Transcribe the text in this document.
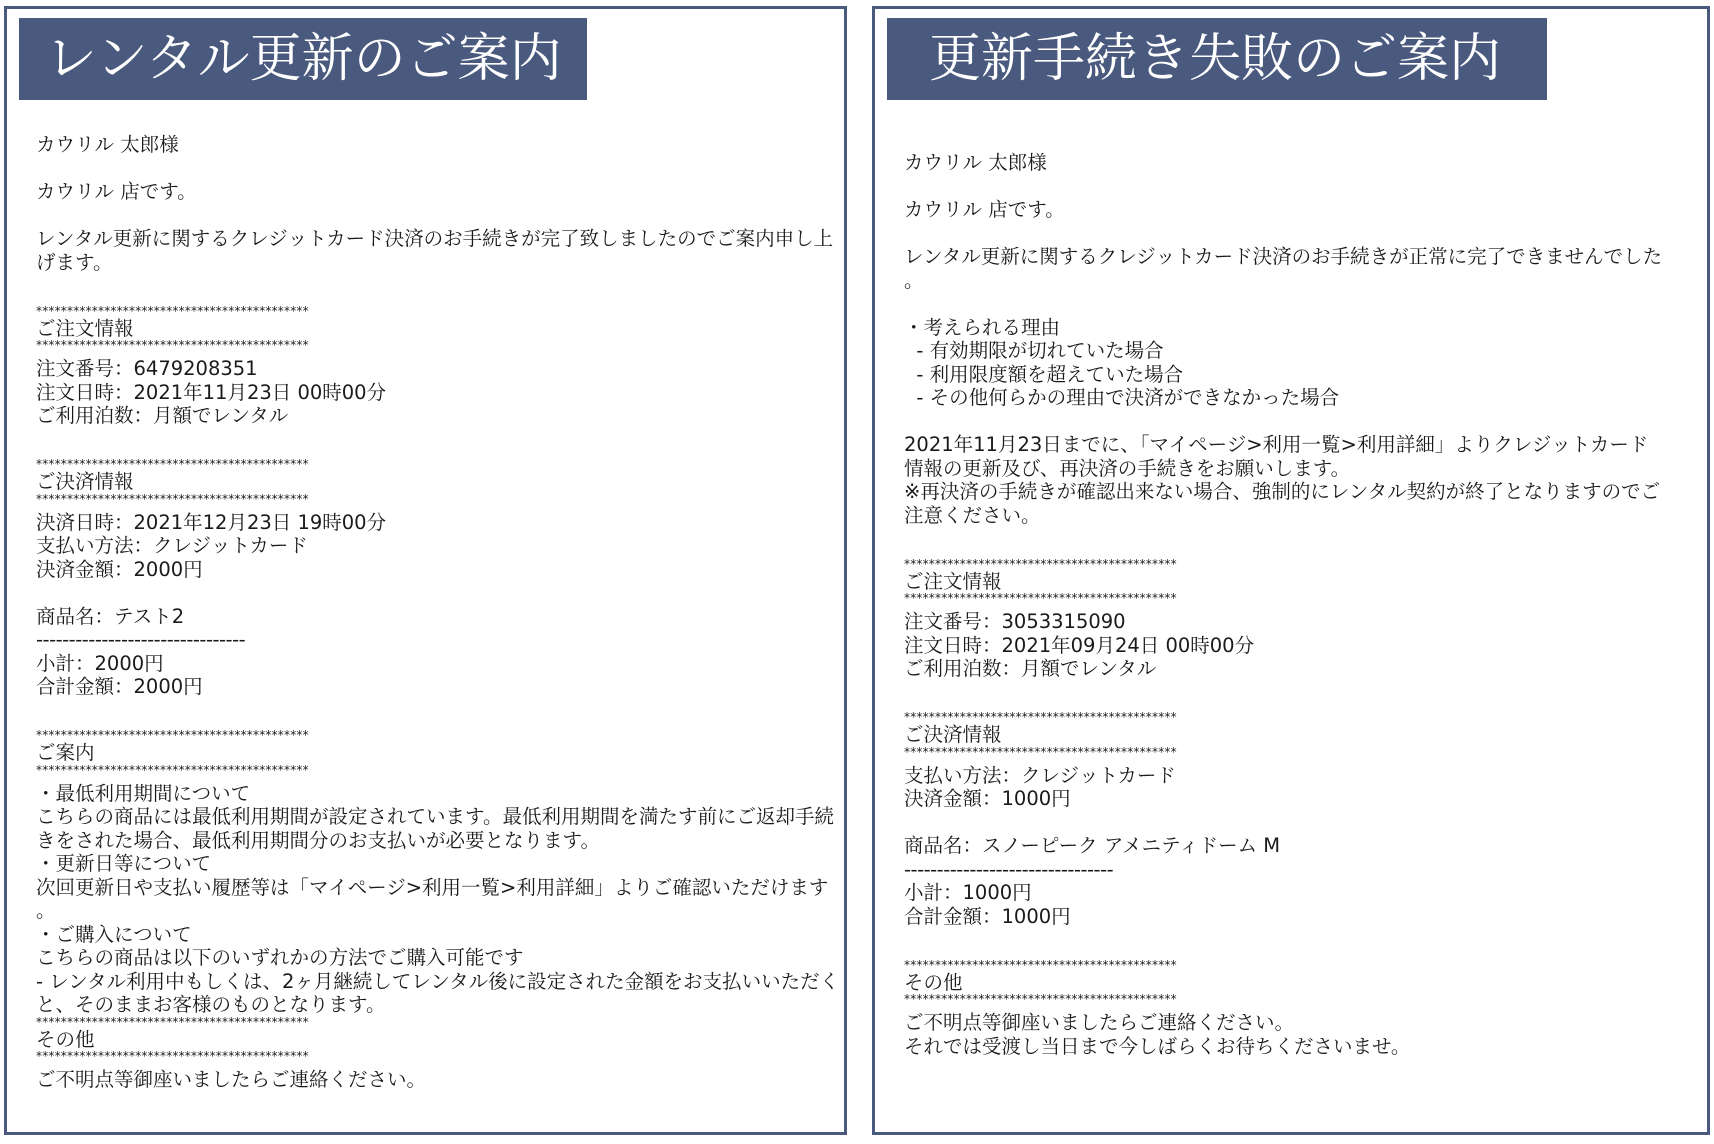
レンタル更新のご案内
カウリル 太郎様
カウリル 店です。
レンタル更新に関するクレジットカード決済のお手続きが完了致しましたのでご案内申し上
げます。
********************************************
ご注文情報
********************************************
注文番号：6479208351
注文日時：2021年11月23日 00時00分
ご利用泊数：月額でレンタル
********************************************
ご決済情報
********************************************
決済日時：2021年12月23日 19時00分
支払い方法：クレジットカード
決済金額：2000円
商品名：テスト2
--------------------------------
小計：2000円
合計金額：2000円
********************************************
ご案内
********************************************
・最低利用期間について
こちらの商品には最低利用期間が設定されています。最低利用期間を満たす前にご返却手続
きをされた場合、最低利用期間分のお支払いが必要となります。
・更新日等について
次回更新日や支払い履歴等は「マイページ>利用一覧>利用詳細」よりご確認いただけます
。
・ご購入について
こちらの商品は以下のいずれかの方法でご購入可能です
- レンタル利用中もしくは、2ヶ月継続してレンタル後に設定された金額をお支払いいただく
と、そのままお客様のものとなります。
********************************************
その他
********************************************
ご不明点等御座いましたらご連絡ください。
更新手続き失敗のご案内
カウリル 太郎様
カウリル 店です。
レンタル更新に関するクレジットカード決済のお手続きが正常に完了できませんでした
。
・考えられる理由
- 有効期限が切れていた場合
- 利用限度額を超えていた場合
- その他何らかの理由で決済ができなかった場合
2021年11月23日までに、「マイページ>利用一覧>利用詳細」よりクレジットカード
情報の更新及び、再決済の手続きをお願いします。
※再決済の手続きが確認出来ない場合、強制的にレンタル契約が終了となりますのでご
注意ください。
********************************************
ご注文情報
********************************************
注文番号：3053315090
注文日時：2021年09月24日 00時00分
ご利用泊数：月額でレンタル
********************************************
ご決済情報
********************************************
支払い方法：クレジットカード
決済金額：1000円
商品名：スノーピーク アメニティドーム M
--------------------------------
小計：1000円
合計金額：1000円
********************************************
その他
********************************************
ご不明点等御座いましたらご連絡ください。
それでは受渡し当日まで今しばらくお待ちくださいませ。
